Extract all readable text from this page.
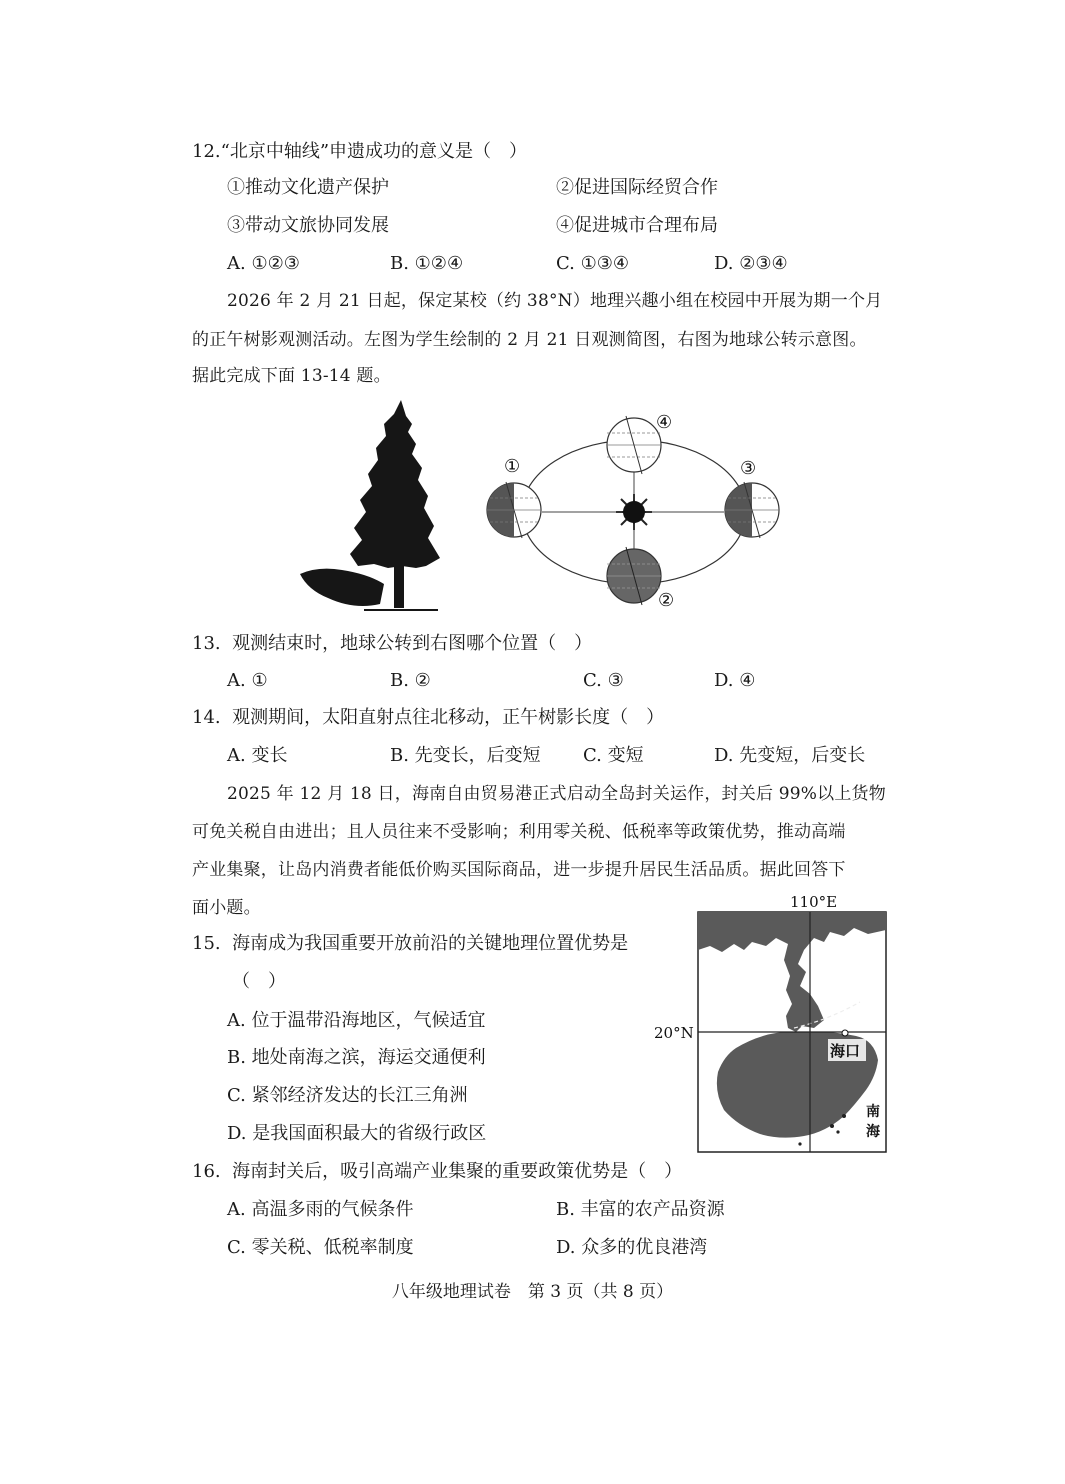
12.“北京中轴线”申遗成功的意义是（　）
①推动文化遗产保护	②促进国际经贸合作
③带动文旅协同发展	④促进城市合理布局
A. ①②③	B. ①②④	C. ①③④	D. ②③④
2026 年 2 月 21 日起，保定某校（约 38°N）地理兴趣小组在校园中开展为期一个月
的正午树影观测活动。左图为学生绘制的 2 月 21 日观测简图，右图为地球公转示意图。
据此完成下面 13-14 题。
①
②
③
④
13.  观测结束时，地球公转到右图哪个位置（　）
A. ①	B. ②	C. ③	D. ④
14.  观测期间，太阳直射点往北移动，正午树影长度（　）
A. 变长	B. 先变长，后变短 C. 变短	D. 先变短，后变长
2025 年 12 月 18 日，海南自由贸易港正式启动全岛封关运作，封关后 99%以上货物
可免关税自由进出；且人员往来不受影响；利用零关税、低税率等政策优势，推动高端
产业集聚，让岛内消费者能低价购买国际商品，进一步提升居民生活品质。据此回答下
面小题。	110°E
20°N
海口
南
海
15.  海南成为我国重要开放前沿的关键地理位置优势是
（　）
A. 位于温带沿海地区，气候适宜
B. 地处南海之滨，海运交通便利
C. 紧邻经济发达的长江三角洲
D. 是我国面积最大的省级行政区
16.  海南封关后，吸引高端产业集聚的重要政策优势是（　）
A. 高温多雨的气候条件	B. 丰富的农产品资源
C. 零关税、低税率制度	D. 众多的优良港湾
八年级地理试卷　第 3 页（共 8 页）
